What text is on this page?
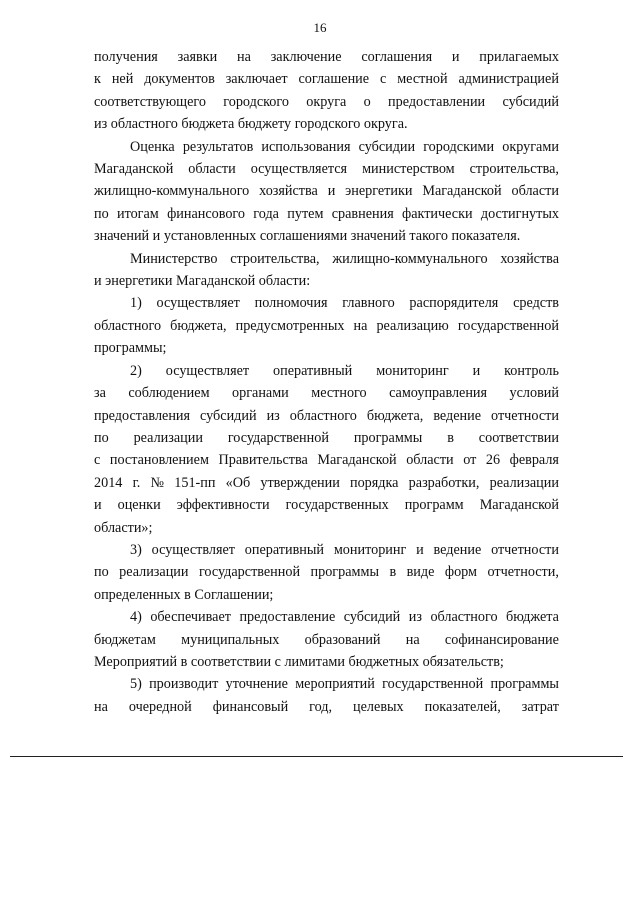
16
получения заявки на заключение соглашения и прилагаемых
к ней документов заключает соглашение с местной администрацией
соответствующего городского округа о предоставлении субсидий
из областного бюджета бюджету городского округа.
Оценка результатов использования субсидии городскими округами
Магаданской области осуществляется министерством строительства,
жилищно-коммунального хозяйства и энергетики Магаданской области
по итогам финансового года путем сравнения фактически достигнутых
значений и установленных соглашениями значений такого показателя.
Министерство строительства, жилищно-коммунального хозяйства
и энергетики Магаданской области:
1) осуществляет полномочия главного распорядителя средств
областного бюджета, предусмотренных на реализацию государственной
программы;
2) осуществляет оперативный мониторинг и контроль
за соблюдением органами местного самоуправления условий
предоставления субсидий из областного бюджета, ведение отчетности
по реализации государственной программы в соответствии
с постановлением Правительства Магаданской области от 26 февраля
2014 г. № 151-пп «Об утверждении порядка разработки, реализации
и оценки эффективности государственных программ Магаданской
области»;
3) осуществляет оперативный мониторинг и ведение отчетности
по реализации государственной программы в виде форм отчетности,
определенных в Соглашении;
4) обеспечивает предоставление субсидий из областного бюджета
бюджетам муниципальных образований на софинансирование
Мероприятий в соответствии с лимитами бюджетных обязательств;
5) производит уточнение мероприятий государственной программы
на очередной финансовый год, целевых показателей, затрат
